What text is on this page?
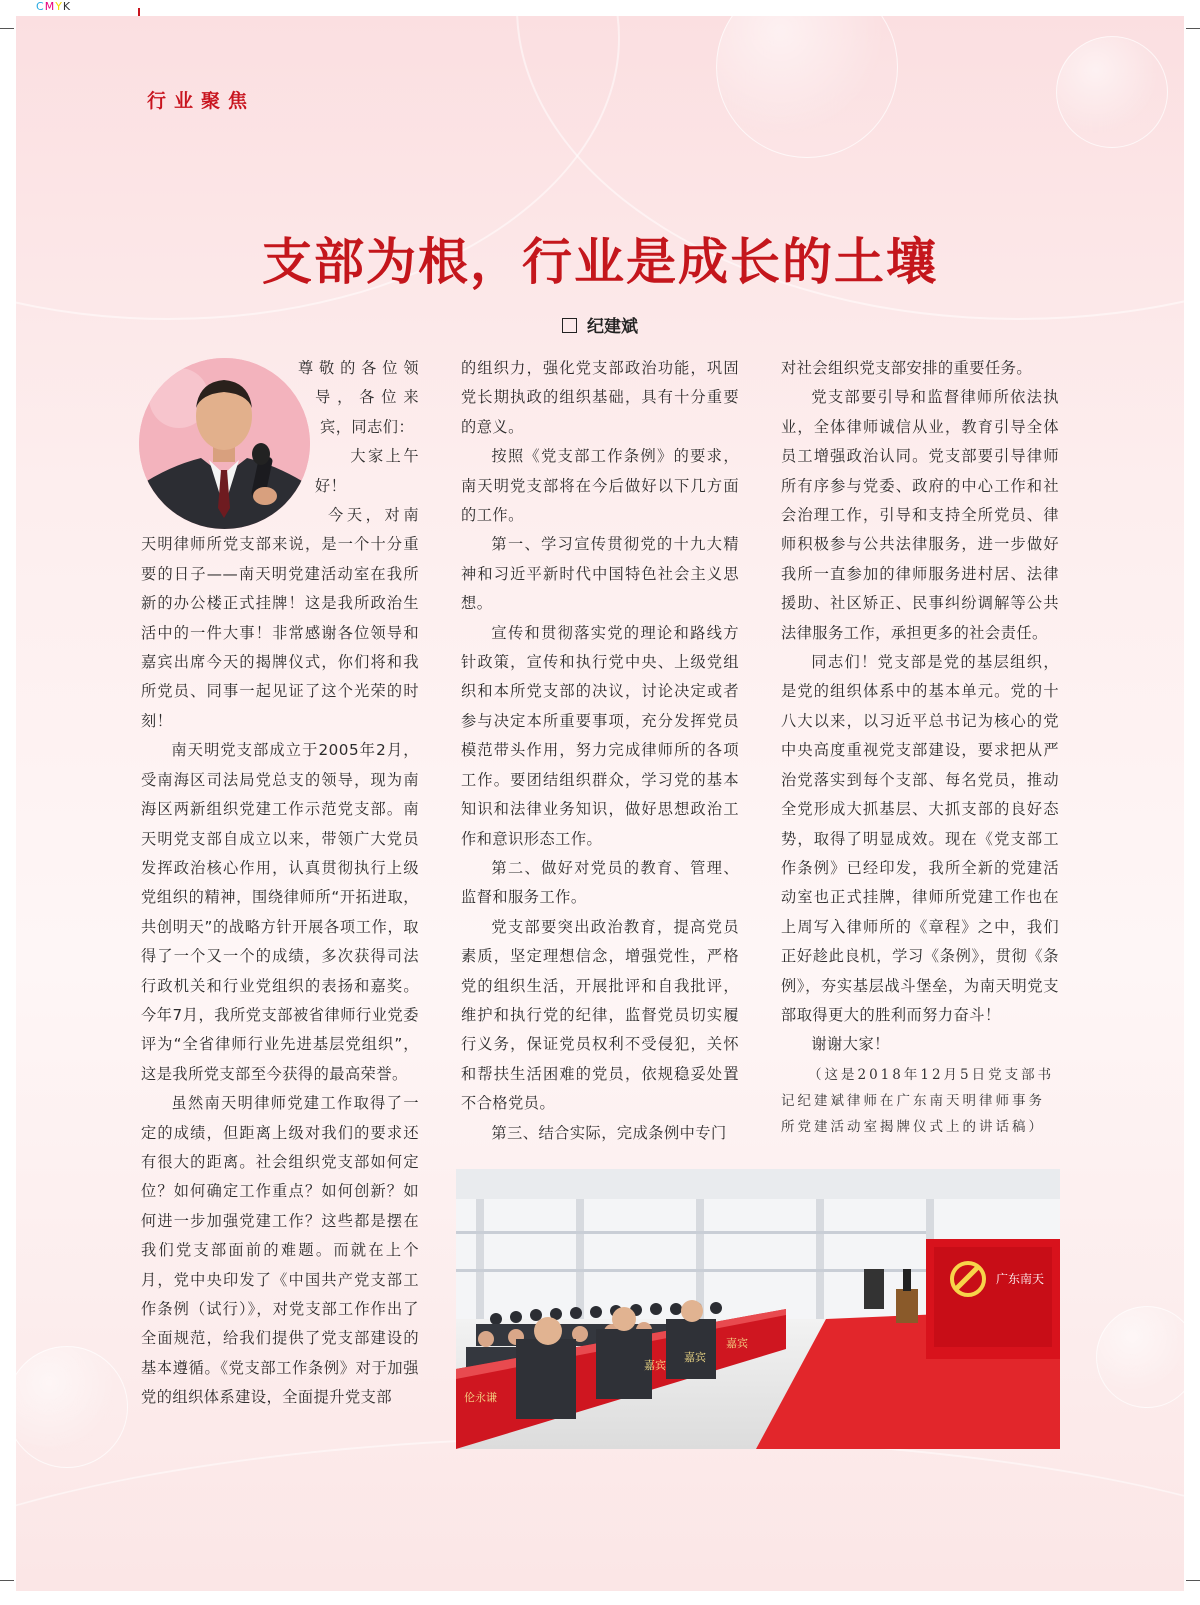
CMYK
行业聚焦
支部为根，行业是成长的土壤
纪建斌

尊敬的各位领导，各位来宾，同志们：

大家上午好！

今天，对南天明律师所党支部来说，是一个十分重要的日子——南天明党建活动室在我所新的办公楼正式挂牌！这是我所政治生活中的一件大事！非常感谢各位领导和嘉宾出席今天的揭牌仪式，你们将和我所党员、同事一起见证了这个光荣的时刻！

南天明党支部成立于2005年2月，受南海区司法局党总支的领导，现为南海区两新组织党建工作示范党支部。南天明党支部自成立以来，带领广大党员发挥政治核心作用，认真贯彻执行上级党组织的精神，围绕律师所“开拓进取，共创明天”的战略方针开展各项工作，取得了一个又一个的成绩，多次获得司法行政机关和行业党组织的表扬和嘉奖。今年7月，我所党支部被省律师行业党委评为“全省律师行业先进基层党组织”，这是我所党支部至今获得的最高荣誉。

虽然南天明律师党建工作取得了一定的成绩，但距离上级对我们的要求还有很大的距离。社会组织党支部如何定位？如何确定工作重点？如何创新？如何进一步加强党建工作？这些都是摆在我们党支部面前的难题。而就在上个月，党中央印发了《中国共产党支部工作条例（试行）》，对党支部工作作出了全面规范，给我们提供了党支部建设的基本遵循。《党支部工作条例》对于加强党的组织体系建设，全面提升党支部

的组织力，强化党支部政治功能，巩固党长期执政的组织基础，具有十分重要的意义。

按照《党支部工作条例》的要求，南天明党支部将在今后做好以下几方面的工作。

第一、学习宣传贯彻党的十九大精神和习近平新时代中国特色社会主义思想。

宣传和贯彻落实党的理论和路线方针政策，宣传和执行党中央、上级党组织和本所党支部的决议，讨论决定或者参与决定本所重要事项，充分发挥党员模范带头作用，努力完成律师所的各项工作。要团结组织群众，学习党的基本知识和法律业务知识，做好思想政治工作和意识形态工作。

第二、做好对党员的教育、管理、监督和服务工作。

党支部要突出政治教育，提高党员素质，坚定理想信念，增强党性，严格党的组织生活，开展批评和自我批评，维护和执行党的纪律，监督党员切实履行义务，保证党员权利不受侵犯，关怀和帮扶生活困难的党员，依规稳妥处置不合格党员。

第三、结合实际，完成条例中专门

对社会组织党支部安排的重要任务。

党支部要引导和监督律师所依法执业，全体律师诚信从业，教育引导全体员工增强政治认同。党支部要引导律师所有序参与党委、政府的中心工作和社会治理工作，引导和支持全所党员、律师积极参与公共法律服务，进一步做好我所一直参加的律师服务进村居、法律援助、社区矫正、民事纠纷调解等公共法律服务工作，承担更多的社会责任。

同志们！党支部是党的基层组织，是党的组织体系中的基本单元。党的十八大以来，以习近平总书记为核心的党中央高度重视党支部建设，要求把从严治党落实到每个支部、每名党员，推动全党形成大抓基层、大抓支部的良好态势，取得了明显成效。现在《党支部工作条例》已经印发，我所全新的党建活动室也正式挂牌，律师所党建工作也在上周写入律师所的《章程》之中，我们正好趁此良机，学习《条例》，贯彻《条例》，夯实基层战斗堡垒，为南天明党支部取得更大的胜利而努力奋斗！

谢谢大家！

（这是2018年12月5日党支部书记纪建斌律师在广东南天明律师事务所党建活动室揭牌仪式上的讲话稿）

广东南天
伦永谦
嘉宾
嘉宾
嘉宾
